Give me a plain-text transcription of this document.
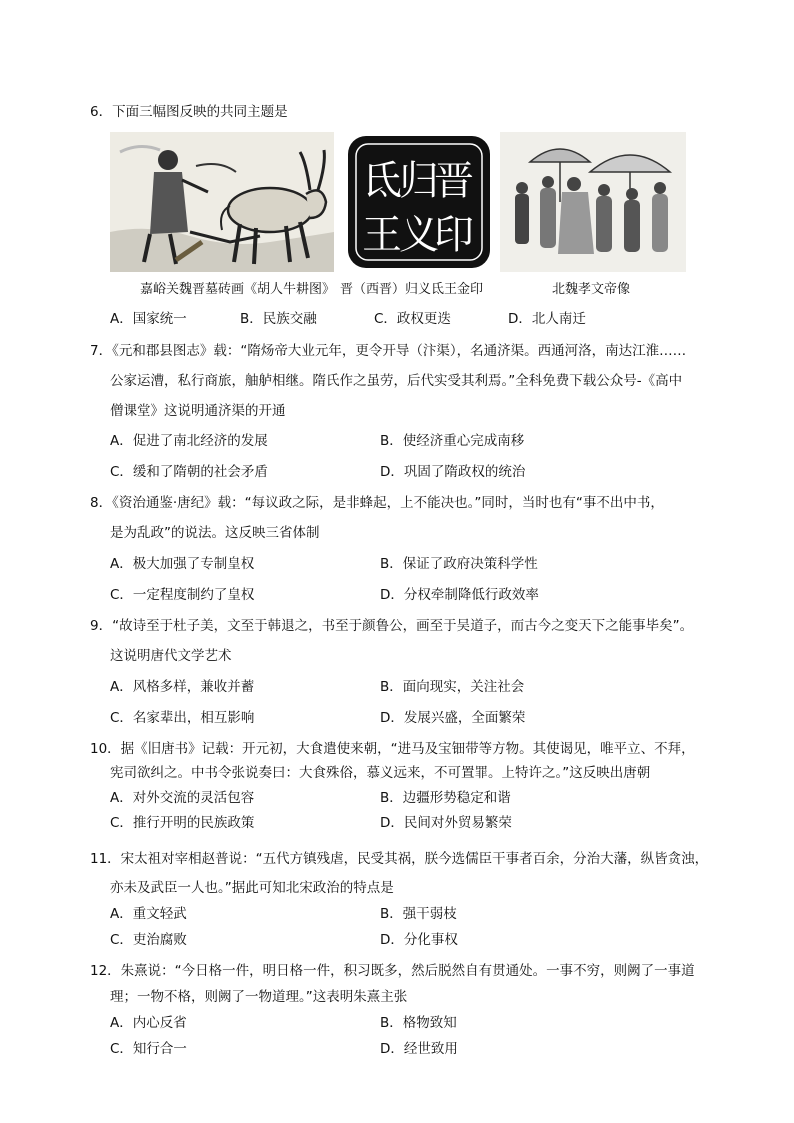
6．下面三幅图反映的共同主题是
晋
归
义
氐
王 印
嘉峪关魏晋墓砖画《胡人牛耕图》 晋（西晋）归义氐王金印	北魏孝文帝像
A．国家统一	B．民族交融	C．政权更迭	D．北人南迁
7．《元和郡县图志》载：“隋炀帝大业元年，更令开导（汴渠），名通济渠。西通河洛，南达江淮……
公家运漕，私行商旅，舳舻相继。隋氏作之虽劳，后代实受其利焉。”全科免费下载公众号-《高中
僧课堂》这说明通济渠的开通
A．促进了南北经济的发展	B．使经济重心完成南移
C．缓和了隋朝的社会矛盾	D．巩固了隋政权的统治
8．《资治通鉴·唐纪》载：“每议政之际，是非蜂起，上不能决也。”同时，当时也有“事不出中书，
是为乱政”的说法。这反映三省体制
A．极大加强了专制皇权	B．保证了政府决策科学性
C．一定程度制约了皇权	D．分权牵制降低行政效率
9．“故诗至于杜子美，文至于韩退之，书至于颜鲁公，画至于吴道子，而古今之变天下之能事毕矣”。
这说明唐代文学艺术
A．风格多样，兼收并蓄	B．面向现实，关注社会
C．名家辈出，相互影响	D．发展兴盛，全面繁荣
10．据《旧唐书》记载：开元初，大食遣使来朝，“进马及宝钿带等方物。其使谒见，唯平立、不拜，
宪司欲纠之。中书令张说奏曰：大食殊俗，慕义远来，不可置罪。上特许之。”这反映出唐朝
A．对外交流的灵活包容	B．边疆形势稳定和谐
C．推行开明的民族政策	D．民间对外贸易繁荣
11．宋太祖对宰相赵普说：“五代方镇残虐，民受其祸，朕今选儒臣干事者百余，分治大藩，纵皆贪浊，
亦未及武臣一人也。”据此可知北宋政治的特点是
A．重文轻武	B．强干弱枝
C．吏治腐败	D．分化事权
12．朱熹说：“今日格一件，明日格一件，积习既多，然后脱然自有贯通处。一事不穷，则阙了一事道
理；一物不格，则阙了一物道理。”这表明朱熹主张
A．内心反省	B．格物致知
C．知行合一	D．经世致用
